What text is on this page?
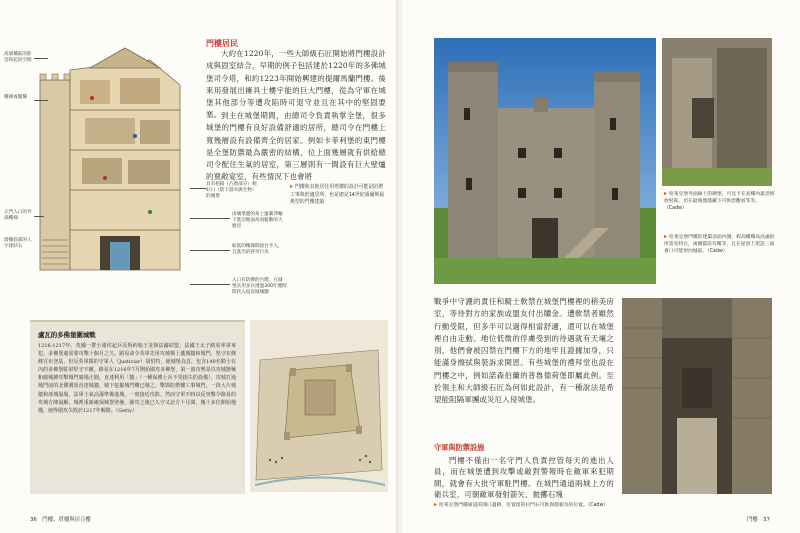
高層樓區的卧房和起居空間
樓梯或閣樓
正門入口的外部樓梯
塔樓底部的人字排狀石
具有枯箱（凸窗部分）相好口（防下游水與生物）的城堡
由城堡邊的角上運載淨輸下進沼地面高而鬆動的大廚房
較低的樓梯間接台手入，且進出的狹窄行為
入口有防禦的台階，在城堡具用多兵透過300年歷時間代入侵攻城城牆
門樓居民
大約在1220年，一些大師級石匠開始將門樓設計成與固室結合，早期的例子包括建於1220年的多佛城堡司令塔，和約1223年開始興建的提爾馬蘭門樓。後來用發展出擁具士樓宇能的巨大門樓，從為守軍在城堡其他部分等遭攻陷時可退守並且在其中的堅固要塞。 到主在城堡期間，由總司令負責執掌全堡，很多城堡的門樓有良好設備舒適的居所，總司令在門樓上寬幾層設有設備齊全的居家。例如卡菲利堡的東門樓是全堡防禦最為嚴密的結構，位上面幾層就有供給總司令配住生氣的居室，第三層則有一間設有巨大壁爐的寬敞宴室，有些情況下也會將
▸ 門樓和其他居住用塔樓的設計可能是防禦工事與舒適居所，也是總是14世紀威爾斯最典型的門樓建築
盧瓦的多佛堡圍城戰
1216-1217年，英國一群小諸侯起兵反叛約翰王並與法國結盟，法國王太子路易率軍來犯，多佛堡還需要攻擊十個月之久。路易命令英軍先用攻城梯上遞城牆和城門，堅守在條條宣布登基，但反英軍隊的守軍人（Justiciar）胡伯特，她城堡為首，包含140名騎士在內的多佛堡駐軍堅守不撤，路易在1216年7月開始圍攻多佛堡，第一波攻勢是以攻城器械和破城錘攻擊城門廣場正圓，直達利用「牆」（一種保護士兵不受損失的設備），攻城打通城門前的北側溝渠直達城牆，城下挖掘城門樓已城之，擊毀防禦樓工事城門，一段大片城牆和部城崩塌，法軍士氣高漲準備進城，一度接近攻陷。然而守軍不時以反突擊令路易的攻城方陣崩解，城裡重新確保城堡壁壘，圍攻之後已久守又北方十月間，幾十多位開始慢慢，使得圍攻失敗於1217年解除。（Getty）
36　門樓、塔樓與居合樓
▸ 哈萊克堡外面線上的碉堡，可見卡在高樓內最恐怖放射區，但在最後僅僅藏下可供您觀看等等。（Cadw）
▸ 哈萊克堡門樓的建築前面內側，桿高樓樓高高處的所需室特在，兩側都設有樓等，且在屋頂上架設三面會口可能射內城區。（Cadw）
戰爭中守護的責任和騎士軟禁在城堡門樓裡的稍美房室，等待對方的家族或盟友付出贖金。遭軟禁者雖然行動受限，但多半可以過得相當舒適，還可以在城堡裡自由走動。地位低微的俘虜受到的待遇就有天壤之別，他們會被囚禁在門樓下方的地牢且證據加身，只能滿身擦拭與裝訴求開恩。有些城堡的禮拜堂也設在門樓之中，例如諾森伯蘭的普魯德荷堡即屬此例。至於領主和大師級石匠為何如此設計，有一種說法是希望能阻隔軍團或災厄入侵城堡。
守軍與防禦設施
門樓不僅由一名守門人負責控管每天的進出人員，而在城堡遭到攻擊或敵對警報時在敵軍來犯期間，就會有大批守軍駐門樓。在城門通道兩城上方的衛兵室，可朝敵軍發射箭矢、拋擲石塊
▸ 哈萊克堡門樓通道的開口遺跡，位置留的拉門石可推與擋板及的位置。（Cadw）
門樓　37
